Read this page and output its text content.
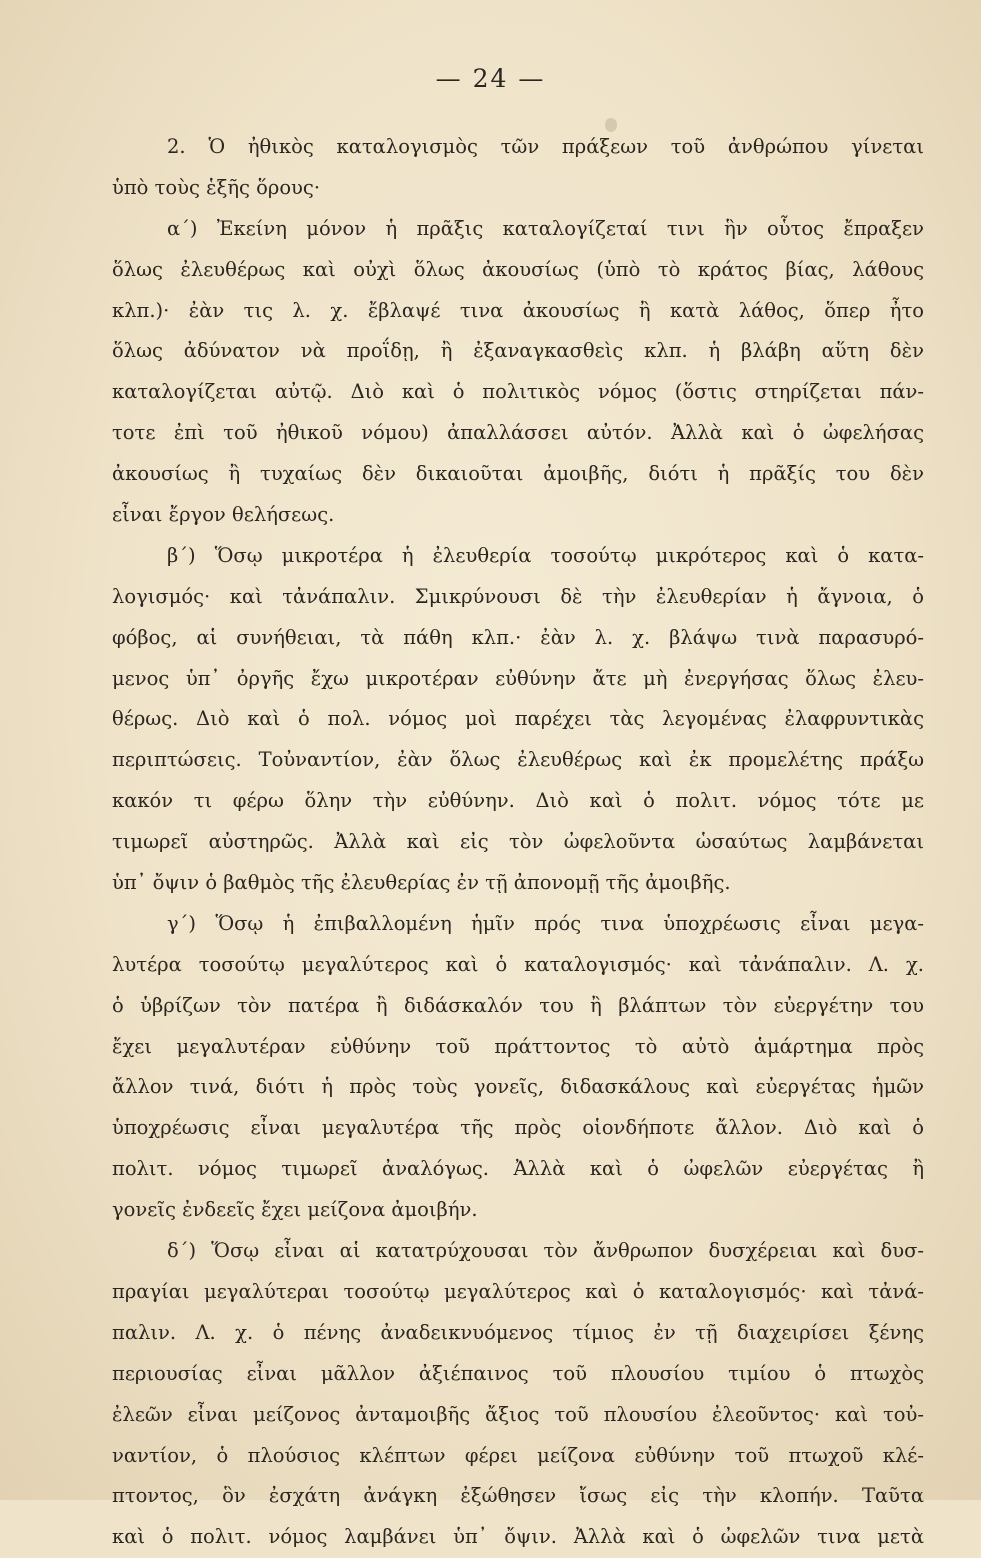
— 24 —
2. Ὁ ἠθικὸς καταλογισμὸς τῶν πράξεων τοῦ ἀνθρώπου γίνεται
ὑπὸ τοὺς ἑξῆς ὅρους·
α΄) Ἐκείνη μόνον ἡ πρᾶξις καταλογίζεταί τινι ἣν οὗτος ἔπραξεν
ὅλως ἐλευθέρως καὶ οὐχὶ ὅλως ἀκουσίως (ὑπὸ τὸ κράτος βίας, λάθους
κλπ.)· ἐὰν τις λ. χ. ἔβλαψέ τινα ἀκουσίως ἢ κατὰ λάθος, ὅπερ ἦτο
ὅλως ἀδύνατον νὰ προΐδῃ, ἢ ἐξαναγκασθεὶς κλπ. ἡ βλάβη αὕτη δὲν
καταλογίζεται αὐτῷ. Διὸ καὶ ὁ πολιτικὸς νόμος (ὅστις στηρίζεται πάν-
τοτε ἐπὶ τοῦ ἠθικοῦ νόμου) ἀπαλλάσσει αὐτόν. Ἀλλὰ καὶ ὁ ὠφελήσας
ἀκουσίως ἢ τυχαίως δὲν δικαιοῦται ἀμοιβῆς, διότι ἡ πρᾶξίς του δὲν
εἶναι ἔργον θελήσεως.
β΄) Ὅσῳ μικροτέρα ἡ ἐλευθερία τοσούτῳ μικρότερος καὶ ὁ κατα-
λογισμός· καὶ τἀνάπαλιν. Σμικρύνουσι δὲ τὴν ἐλευθερίαν ἡ ἄγνοια, ὁ
φόβος, αἱ συνήθειαι, τὰ πάθη κλπ.· ἐὰν λ. χ. βλάψω τινὰ παρασυρό-
μενος ὑπ᾽ ὀργῆς ἔχω μικροτέραν εὐθύνην ἄτε μὴ ἐνεργήσας ὅλως ἐλευ-
θέρως. Διὸ καὶ ὁ πολ. νόμος μοὶ παρέχει τὰς λεγομένας ἐλαφρυντικὰς
περιπτώσεις. Τοὐναντίον, ἐὰν ὅλως ἐλευθέρως καὶ ἐκ προμελέτης πράξω
κακόν τι φέρω ὅλην τὴν εὐθύνην. Διὸ καὶ ὁ πολιτ. νόμος τότε με
τιμωρεῖ αὐστηρῶς. Ἀλλὰ καὶ εἰς τὸν ὠφελοῦντα ὡσαύτως λαμβάνεται
ὑπ᾽ ὄψιν ὁ βαθμὸς τῆς ἐλευθερίας ἐν τῇ ἀπονομῇ τῆς ἀμοιβῆς.
γ΄) Ὅσῳ ἡ ἐπιβαλλομένη ἡμῖν πρός τινα ὑποχρέωσις εἶναι μεγα-
λυτέρα τοσούτῳ μεγαλύτερος καὶ ὁ καταλογισμός· καὶ τἀνάπαλιν. Λ. χ.
ὁ ὑβρίζων τὸν πατέρα ἢ διδάσκαλόν του ἢ βλάπτων τὸν εὐεργέτην του
ἔχει μεγαλυτέραν εὐθύνην τοῦ πράττοντος τὸ αὐτὸ ἁμάρτημα πρὸς
ἄλλον τινά, διότι ἡ πρὸς τοὺς γονεῖς, διδασκάλους καὶ εὐεργέτας ἡμῶν
ὑποχρέωσις εἶναι μεγαλυτέρα τῆς πρὸς οἱονδήποτε ἄλλον. Διὸ καὶ ὁ
πολιτ. νόμος τιμωρεῖ ἀναλόγως. Ἀλλὰ καὶ ὁ ὠφελῶν εὐεργέτας ἢ
γονεῖς ἐνδεεῖς ἔχει μείζονα ἀμοιβήν.
δ΄) Ὅσῳ εἶναι αἱ κατατρύχουσαι τὸν ἄνθρωπον δυσχέρειαι καὶ δυσ-
πραγίαι μεγαλύτεραι τοσούτῳ μεγαλύτερος καὶ ὁ καταλογισμός· καὶ τἀνά-
παλιν. Λ. χ. ὁ πένης ἀναδεικνυόμενος τίμιος ἐν τῇ διαχειρίσει ξένης
περιουσίας εἶναι μᾶλλον ἀξιέπαινος τοῦ πλουσίου τιμίου ὁ πτωχὸς
ἐλεῶν εἶναι μείζονος ἀνταμοιβῆς ἄξιος τοῦ πλουσίου ἐλεοῦντος· καὶ τοὐ-
ναντίον, ὁ πλούσιος κλέπτων φέρει μείζονα εὐθύνην τοῦ πτωχοῦ κλέ-
πτοντος, ὃν ἐσχάτη ἀνάγκη ἐξώθησεν ἴσως εἰς τὴν κλοπήν. Ταῦτα
καὶ ὁ πολιτ. νόμος λαμβάνει ὑπ᾽ ὄψιν. Ἀλλὰ καὶ ὁ ὠφελῶν τινα μετὰ
